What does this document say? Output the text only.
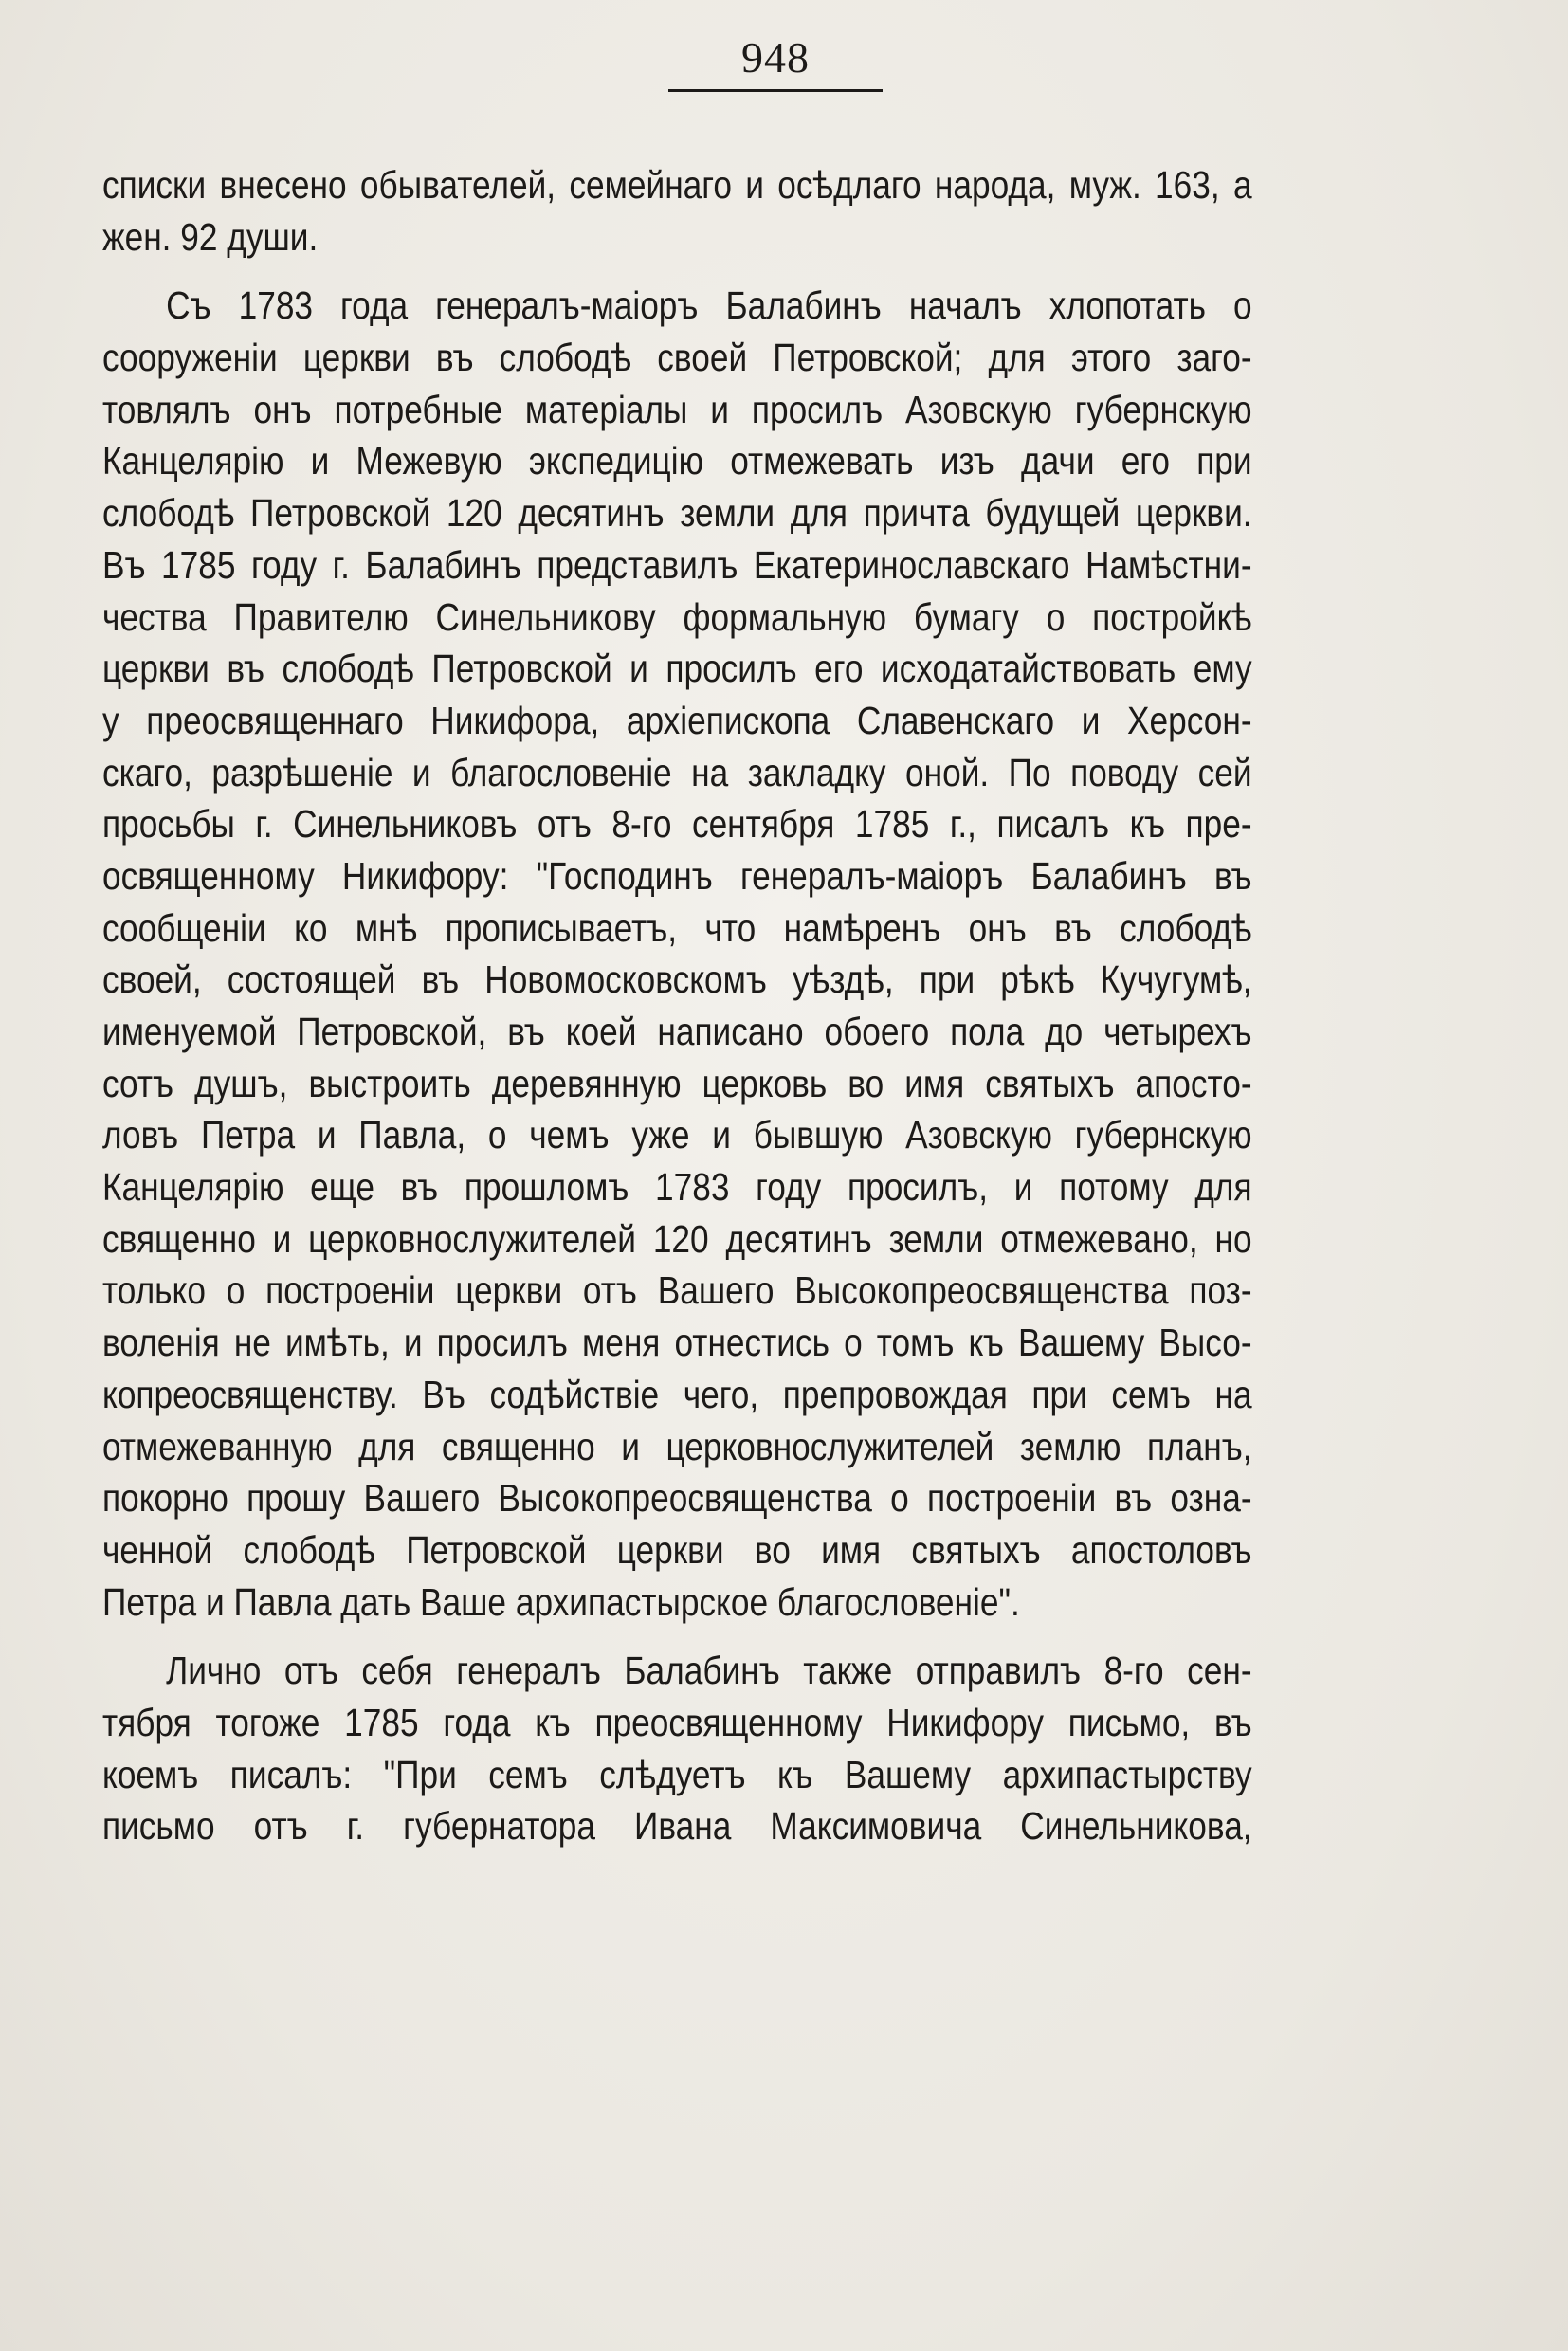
948
списки внесено обывателей, семейнаго и осѣдлаго народа, муж. 163, а
жен. 92 души.
Съ 1783 года генералъ-маіоръ Балабинъ началъ хлопотать о
сооруженіи церкви въ слободѣ своей Петровской; для этого заго-
товлялъ онъ потребные матеріалы и просилъ Азовскую губернскую
Канцелярію и Межевую экспедицію отмежевать изъ дачи его при
слободѣ Петровской 120 десятинъ земли для причта будущей церкви.
Въ 1785 году г. Балабинъ представилъ Екатеринославскаго Намѣстни-
чества Правителю Синельникову формальную бумагу о постройкѣ
церкви въ слободѣ Петровской и просилъ его исходатайствовать ему
у преосвященнаго Никифора, архіепископа Славенскаго и Херсон-
скаго, разрѣшеніе и благословеніе на закладку оной. По поводу сей
просьбы г. Синельниковъ отъ 8-го сентября 1785 г., писалъ къ пре-
освященному Никифору: "Господинъ генералъ-маіоръ Балабинъ въ
сообщеніи ко мнѣ прописываетъ, что намѣренъ онъ въ слободѣ
своей, состоящей въ Новомосковскомъ уѣздѣ, при рѣкѣ Кучугумѣ,
именуемой Петровской, въ коей написано обоего пола до четырехъ
сотъ душъ, выстроить деревянную церковь во имя святыхъ апосто-
ловъ Петра и Павла, о чемъ уже и бывшую Азовскую губернскую
Канцелярію еще въ прошломъ 1783 году просилъ, и потому для
священно и церковнослужителей 120 десятинъ земли отмежевано, но
только о построеніи церкви отъ Вашего Высокопреосвященства поз-
воленія не имѣть, и просилъ меня отнестись о томъ къ Вашему Высо-
копреосвященству. Въ содѣйствіе чего, препровождая при семъ на
отмежеванную для священно и церковнослужителей землю планъ,
покорно прошу Вашего Высокопреосвященства о построеніи въ озна-
ченной слободѣ Петровской церкви во имя святыхъ апостоловъ
Петра и Павла дать Ваше архипастырское благословеніе".
Лично отъ себя генералъ Балабинъ также отправилъ 8-го сен-
тября тогоже 1785 года къ преосвященному Никифору письмо, въ
коемъ писалъ: "При семъ слѣдуетъ къ Вашему архипастырству
письмо отъ г. губернатора Ивана Максимовича Синельникова,
